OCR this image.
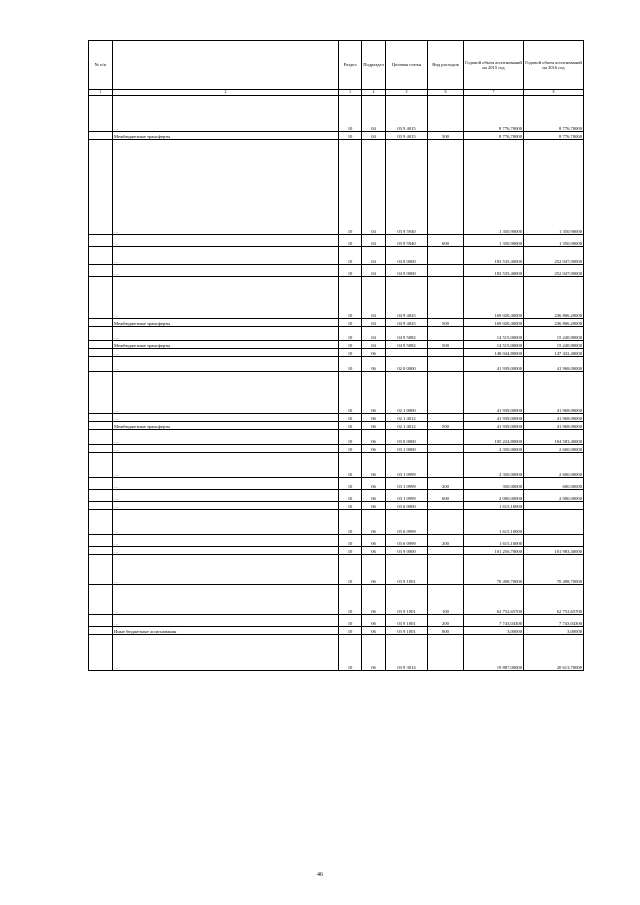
№ п/п		Раздел	Подраздел	Целевая статья	Вид расходов	Годовой объем ассигнований на 2015 год	Годовой объем ассигнований на 2016 год
1	2	3	4	5	6	7	8
	…	10	04	03 9 4015		8 776,70000	8 776,70000
	Межбюджетные трансферты	10	04	03 9 4015	500	8 776,70000	8 776,70000
	…	10	04	03 9 5940		1 350,90000	1 350,90000
	…	10	04	03 9 5940	600	1 350,90000	1 350,90000
	…	10	04	04 0 0000		183 535,40000	252 047,00000
	…	10	04	04 9 0000		183 535,40000	252 047,00000
	…	10	04	04 9 4025		169 020,40000	236 806,20000
	Межбюджетные трансферты	10	04	04 9 4025	500	169 020,40000	236 806,20000
	…	10	04	04 9 5082		14 515,00000	15 240,80000
	Межбюджетные трансферты	10	04	04 9 5082	500	14 515,00000	15 240,80000
	…	10	06			148 044,80000	147 432,40000
	…	10	06	02 0 0000		41 939,00000	41 968,00000
	…	10	06	02 1 0000		41 939,00000	41 968,00000
	…	10	06	02 1 4012		41 939,00000	41 968,00000
	Межбюджетные трансферты	10	06	02 1 4012	500	41 939,00000	41 968,00000
	…	10	06	03 0 0000		105 224,80000	104 583,40000
	…	10	06	03 1 0000		2 350,00000	2 600,00000
	…	10	06	03 1 0999		2 350,00000	2 600,00000
	…	10	06	03 1 0999	200	350,00000	600,00000
	…	10	06	03 1 0999	600	2 000,00000	2 000,00000
	…	10	06	03 6 0000		1 615,10000	
	…	10	06	03 6 0999		1 615,10000	
	…	10	06	03 6 0999	200	1 615,10000	
	…	10	06	03 9 0000		101 256,70000	101 983,40000
	…	10	06	03 9 1001		70 498,70000	70 498,70000
	…	10	06	03 9 1001	100	62 752,65700	62 752,65700
	…	10	06	03 9 1001	200	7 743,04300	7 743,04300
	Иные бюджетные ассигнования	10	06	03 9 1001	800	3,00000	3,00000
	…	10	06	03 9 3014		19 887,00000	20 613,70000
46
